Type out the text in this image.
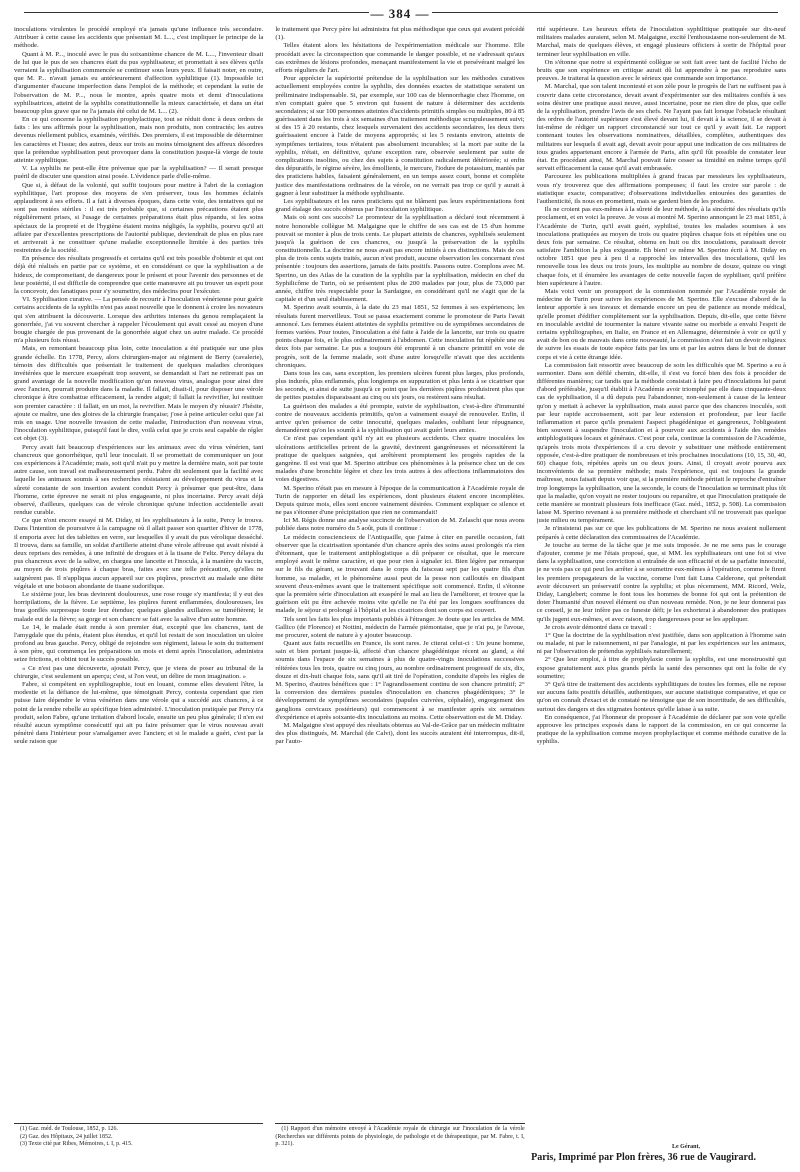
— 384 —

inoculations virulentes le procédé employé n'a jamais qu'une influence très secondaire. Attribuer à cette cause les accidents que présentait M. L..., c'est impliquer le principe de la méthode.

Quant à M. P..., inoculé avec le pus du soixantième chancre de M. L..., l'inventeur disait de lui que le pus de ses chancres était du pus syphilisateur, et promettait à ses élèves qu'ils verraient la syphilisation commencée se continuer sous leurs yeux. Il faisait noter, en outre, que M. P... n'avait jamais eu antérieurement d'affection syphilitique (1). Impossible ici d'argumenter d'aucune imperfection dans l'emploi de la méthode; et cependant la suite de l'observation de M. P..., nous le montre, après quatre mois et demi d'inoculations syphilisatrices, atteint de la syphilis constitutionnelle la mieux caractérisée, et dans un état beaucoup plus grave que ne l'a jamais été celui de M. L... (2).

En ce qui concerne la syphilisation prophylactique, tout se réduit donc à deux ordres de faits : les uns affirmés pour la syphilisation, mais non produits, non contractés; les autres devenus réellement publics, examinés, vérifiés. Des premiers, il est impossible de déterminer les caractères et l'issue; des autres, deux sur trois au moins témoignent des affreux désordres que la prétendue syphilisation peut provoquer dans la constitution jusque-là vierge de toute atteinte syphilitique.

V. La syphilis ne peut-elle être prévenue que par la syphilisation? — Il serait presque puéril de discuter une question ainsi posée. L'évidence parle d'elle-même.

Que si, à défaut de la volonté, qui suffit toujours pour mettre à l'abri de la contagion syphilitique, l'art propose des moyens de s'en préserver, tous les hommes éclairés applaudiront à ses efforts. Il a fait à diverses époques, dans cette voie, des tentatives qui ne sont pas restées stériles : il est très probable que, si certaines précautions étaient plus régulièrement prises, si l'usage de certaines préparations était plus répandu, si les soins spéciaux de la propreté et de l'hygiène étaient moins négligés, la syphilis, pourvu qu'il ait affaire par d'excellentes prescriptions de l'autorité publique, deviendrait de plus en plus rare et arriverait à ne constituer qu'une maladie exceptionnelle limitée à des parties très restreintes de la société.

En présence des résultats progressifs et certains qu'il est très possible d'obtenir et qui ont déjà été réalisés en partie par ce système, et en considérant ce que la syphilisation a de hideux, de compromettant, de dangereux pour le présent et pour l'avenir des personnes et de leur postérité, il est difficile de comprendre que cette manœuvre ait pu trouver un esprit pour la concevoir, des fanatiques pour s'y soumettre, des médecins pour l'exécuter.

VI. Syphilisation curative. — La pensée de recourir à l'inoculation vénérienne pour guérir certains accidents de la syphilis n'est pas aussi nouvelle que le donnent à croire les novateurs qui s'en attribuent la découverte. Lorsque des arthrites intenses du genou remplaçaient la gonorrhée, j'ai vu souvent chercher à rappeler l'écoulement qui avait cessé au moyen d'une bougie chargée de pus provenant de la gonorrhée aiguë chez un autre malade. Ce procédé m'a plusieurs fois réussi.

Mais, en remontant beaucoup plus loin, cette inoculation a été pratiquée sur une plus grande échelle. En 1778, Percy, alors chirurgien-major au régiment de Berry (cavalerie), témoin des difficultés que présentait le traitement de quelques maladies chroniques invétérées que le mercure exaspérait trop souvent, se demandait si l'art ne retirerait pas un grand avantage de la nouvelle modification qu'un nouveau virus, analogue pour ainsi dire avec l'ancien, pourrait produire dans la maladie. Il fallait, disait-il, pour disposer une vérole chronique à être combattue efficacement, la rendre aiguë; il fallait la revivifier, lui restituer son premier caractère : il fallait, en un mot, la revivifier. Mais le moyen d'y réussir? J'hésite, ajoute ce maître, une des gloires de la chirurgie française; j'ose à peine articuler celui que j'ai mis en usage. Une nouvelle invasion de cette maladie, l'introduction d'un nouveau virus, l'inoculation syphilitique, puisqu'il faut le dire, voilà celui que je crois seul capable de régler cet objet (3).

Percy avait fait beaucoup d'expériences sur les animaux avec du virus vénérien, tant chancreux que gonorrhéique, qu'il leur inoculait. Il se promettait de communiquer un jour ces expériences à l'Académie; mais, soit qu'il n'ait pu y mettre la dernière main, soit par toute autre cause, son travail est malheureusement perdu. Fabre dit seulement que la facilité avec laquelle les animaux soumis à ses recherches résistaient au développement du virus et la sûreté constante de son insertion avaient conduit Percy à présumer que peut-être, dans l'homme, cette épreuve ne serait ni plus engageante, ni plus incertaine. Percy avait déjà observé, d'ailleurs, quelques cas de vérole chronique qu'une infection accidentelle avait rendue curable.

Ce que n'ont encore essayé ni M. Diday, ni les syphilisateurs à la suite, Percy le trouva. Dans l'intention de poursuivre à la campagne où il allait passer son quartier d'hiver de 1778, il emporta avec lui des tablettes en verre, sur lesquelles il y avait du pus vérolique desséché. Il trouva, dans sa famille, un soldat d'artillerie atteint d'une vérole affreuse qui avait résisté à deux reprises des remèdes, à une infinité de drogues et à la tisane de Feltz. Percy délaya du pus chancreux avec de la salive, en chargea une lancette et l'inocula, à la manière du vaccin, au moyen de trois piqûres à chaque bras, faites avec une telle précaution, qu'elles ne saignèrent pas. Il n'appliqua aucun appareil sur ces piqûres, prescrivit au malade une diète végétale et une boisson abondante de tisane sudorifique.

Le sixième jour, les bras devinrent douloureux, une rose rouge s'y manifesta; il y eut des horripilations, de la fièvre. Le septième, les piqûres furent enflammées, douloureuses, les bras gonflés surpresque toute leur étendue; quelques glandes axillaires se tuméfièrent; le malade eut de la fièvre; sa gorge et son chancre se fait avec la salive d'un autre homme.

Le 14, le malade était rendu à son premier état, excepté que les chancres, tant de l'amygdale que du pénis, étaient plus étendus, et qu'il lui restait de son inoculation un ulcère profond au bras gauche. Percy, obligé de rejoindre son régiment, laissa le soin du traitement à son père, qui commença les préparations un mois et demi après l'inoculation, administra seize frictions, et obtint tout le succès possible.

« Ce n'est pas une découverte, ajoutait Percy, que je viens de poser au tribunal de la chirurgie, c'est seulement un aperçu; c'est, si l'on veut, un délire de mon imagination. »

Fabre, si compétent en syphiliographie, tout en louant, comme elles devaient l'être, la modestie et la défiance de lui-même, que témoignait Percy, contesta cependant que rien puisse faire dépendre le virus vénérien dans une vérole qui a succédé aux chancres, à ce point de la rendre rebelle au spécifique bien administré. L'inoculation pratiquée par Percy n'a produit, selon Fabre, qu'une irritation d'abord locale, ensuite un peu plus générale; il n'en est résulté aucun symptôme consécutif qui ait pu faire présumer que le virus nouveau avait pénétré dans l'intérieur pour s'amalgamer avec l'ancien; et si le malade a guéri, c'est par la seule raison que

(1) Gaz. méd. de Toulouse, 1852, p. 126.

(2) Gaz. des Hôpitaux, 24 juillet 1852.

(3) Texte cité par Ribes, Mémoires, t. I, p. 415.

le traitement que Percy père lui administra fut plus méthodique que ceux qui avaient précédé (1).

Telles étaient alors les hésitations de l'expérimentation médicale sur l'homme. Elle procédait avec la circonspection que commande le danger possible, et ne s'adressait qu'aux cas extrêmes de lésions profondes, menaçant manifestement la vie et persévérant malgré les efforts réguliers de l'art.

Pour apprécier la supériorité prétendue de la syphilisation sur les méthodes curatives actuellement employées contre la syphilis, des données exactes de statistique seraient un préliminaire indispensable. Si, par exemple, sur 100 cas de blennorrhagie chez l'homme, on n'en comptait guère que 5 environ qui fussent de nature à déterminer des accidents secondaires; si sur 100 personnes atteintes d'accidents primitifs simples ou multiples, 80 à 85 guérissaient dans les trois à six semaines d'un traitement méthodique scrupuleusement suivi; si des 15 à 20 restants, chez lesquels survenaient des accidents secondaires, les deux tiers guérissaient encore à l'aide de moyens appropriés; si les 5 restants environ, atteints de symptômes tertiaires, tous n'étaient pas absolument incurables; si la mort par suite de la syphilis, n'était, en définitive, qu'une exception rare, observée seulement par suite de complications insolites, ou chez des sujets à constitution radicalement détériorée; si enfin des dépuratifs, le régime sévère, les émollients, le mercure, l'iodure de potassium, maniés par des praticiens habiles, faisaient généralement, en un temps assez court, bonne et complète justice des manifestations ordinaires de la vérole, on ne verrait pas trop ce qu'il y aurait à gagner à leur substituer la méthode syphilisante.

Les syphilisateurs et les rares praticiens qui ne blâment pas leurs expérimentations font grand étalage des succès obtenus par l'inoculation syphilitique.

Mais où sont ces succès? Le promoteur de la syphilisation a déclaré tout récemment à notre honorable collègue M. Malgaigne que le chiffre de ses cas est de 15 d'un homme pouvait se monter à plus de trois cents. Le plupart atteints de chancres, syphilisés seulement jusqu'à la guérison de ces chancres, ou jusqu'à la préservation de la syphilis constitutionnelle. La doctrine ne nous avait pas encore initiés à ces distinctions. Mais de ces plus de trois cents sujets traités, aucun n'est produit, aucune observation les concernant n'est présentée : toujours des assertions, jamais de faits positifs. Passons outre. Complons avec M. Sperino, un des Atlas de la curation de la syphilis par la syphilisation, médecin en chef du Syphilicôme de Turin, où se présentent plus de 200 malades par jour, plus de 73,000 par année, chiffre très respectable pour la Sardaigne, en considérant qu'il ne s'agit que de la capitale et d'un seul établissement.

M. Sperino avait soumis, à la date du 23 mai 1851, 52 femmes à ses expériences; les résultats furent merveilleux. Tout se passa exactement comme le promoteur de Paris l'avait annoncé. Les femmes étaient atteintes de syphilis primitive ou de symptômes secondaires de formes variées. Pour toutes, l'inoculation a été faite à l'aide de la lancette, sur trois ou quatre points chaque fois, et le plus ordinairement à l'abdomen. Cette inoculation fut répétée une ou deux fois par semaine. Le pus a toujours été emprunté à un chancre primitif en voie de progrès, soit de la femme malade, soit d'une autre lorsqu'elle n'avait que des accidents chroniques.

Dans tous les cas, sans exception, les premiers ulcères furent plus larges, plus profonds, plus indurés, plus enflammés, plus longtemps en suppuration et plus lents à se cicatriser que les seconds, et ainsi de suite jusqu'à ce point que les dernières piqûres produisirent plus que de petites pustules disparaissant au cinq ou six jours, ou restèrent sans résultat.

La guérison des malades a été prompte, suivie de syphilisation, c'est-à-dire d'immunité contre de nouveaux accidents primitifs, qu'on a vainement essayé de renouveler. Enfin, il arrive qu'en présence de cette innocuité, quelques malades, oubliant leur répugnance, demandèrent qu'on les soumît à la syphilisation qui avait guéri leurs amies.

Ce n'est pas cependant qu'il n'y ait eu plusieurs accidents. Chez quatre inoculées les ulcérations artificielles prirent de la gravité, devinrent gangréneuses et nécessitèrent la pratique de quelques saignées, qui arrêtèrent promptement les progrès rapides de la gangrène. Il est vrai que M. Sperino attribue ces phénomènes à la présence chez un de ces malades d'une bronchite légère et chez les trois autres à des affections inflammatoires des voies digestives.

M. Sperino n'était pas en mesure à l'époque de la communication à l'Académie royale de Turin de rapporter en détail les expériences, dont plusieurs étaient encore incomplètes. Depuis quinze mois, elles sont encore vainement désirées. Comment expliquer ce silence et ne pas s'étonner d'une précipitation que rien ne commandait!

Ici M. Régis donne une analyse succincte de l'observation de M. Zelaschi que nous avons publiée dans notre numéro du 5 août, puis il continue :

Le médecin consciencieux de l'Antiquaille, que j'aime à citer en pareille occasion, fait observer que la cicatrisation spontanée d'un chancre après des soins aussi prolongés n'a rien d'étonnant, que le traitement antiphlogistique a dû préparer ce résultat, que le mercure employé avait le même caractère, et que pour rien à signaler ici. Bien légère par remarque sur le fils du gérant, se trouvant dans le corps du faisceau sept par les quatre fils d'un homme, sa maladie, et le phénomène aussi peut de la pesse non cailloutés en dissipant souvent d'eux-mêmes avant que le traitement spécifique soit commencé. Enfin, il s'étonne que la première série d'inoculation ait exaspéré le mal au lieu de l'améliorer, et trouve que la guérison eût pu être achevée moins vite qu'elle ne l'a été par les longues souffrances du malade, le séjour si prolongé à l'hôpital et les cicatrices dont son corps est couvert.

Tels sont les faits les plus importants publiés à l'étranger. Je doute que les articles de MM. Gallico (de Florence) et Nottini, médecin de l'armée piémontaise, que je n'ai pu, je l'avoue, me procurer, soient de nature à y ajouter beaucoup.

Quant aux faits recueillis en France, ils sont rares. Je citerai celui-ci : Un jeune homme, sain et bien portant jusque-là, affecté d'un chancre phagédénique récent au gland, a été soumis dans l'espace de six semaines à plus de quatre-vingts inoculations successives réitérées tous les trois, quatre ou cinq jours, au nombre ordinairement progressif de six, dix, douze et dix-huit chaque fois, sans qu'il ait tiré de l'opération, conduite d'après les règles de M. Sperino, d'autres bénéfices que : 1° l'agrandissement continu de son chancre primitif; 2° la conversion des dernières pustules d'inoculation en chancres phagédéniques; 3° le développement de symptômes secondaires (papules cuivrées, céphalée), engorgement des ganglions cervicaux postérieurs) qui commencent à se manifester après six semaines d'expérience et après soixante-dix inoculations au moins. Cette observation est de M. Diday.

M. Malgaigne s'est appuyé des résultats obtenus au Val-de-Grâce par un médecin militaire des plus distingués, M. Marchal (de Calvi), dont les succès auraient été interrompus, dit-il, par l'auto-

(1) Rapport d'un mémoire envoyé à l'Académie royale de chirurgie sur l'inoculation de la vérole (Recherches sur différents points de physiologie, de pathologie et de thérapeutique, par M. Fabre, t. I, p. 321).

rité supérieure. Les heureux effets de l'inoculation syphilitique pratiquée sur dix-neuf militaires malades auraient, selon M. Malgaigne, excité l'enthousiasme non-seulement de M. Marchal, mais de quelques élèves, et engagé plusieurs officiers à sortir de l'hôpital pour terminer leur syphilisation en ville.

On s'étonne que notre si expérimenté collègue se soit fait avec tant de facilité l'écho de bruits que son expérience en critique aurait dû lui apprendre à ne pas reproduire sans preuves. Je traiterai la question avec le sérieux que commande son importance.

M. Marchal, que son talent incontesté et son zèle pour le progrès de l'art ne suffisent pas à couvrir dans cette circonstance, devait avant d'expérimenter sur des militaires confiés à ses soins désirer une pratique aussi neuve, aussi incertaine, pour ne rien dire de plus, que celle de la syphilisation, prendre l'avis de ses chefs. Ne l'ayant pas fait lorsque l'obstacle résultant des ordres de l'autorité supérieure s'est élevé devant lui, il devait à la science, il se devait à lui-même de rédiger un rapport circonstancié sur tout ce qu'il y avait fait. Le rapport contenant toutes les observations nominatives, détaillées, complètes, authentiques des militaires sur lesquels il avait agi, devait avoir pour appui une indication de ces militaires de tous grades appartenant encore à l'armée de Paris, afin qu'il fût possible de constater leur état. En procédant ainsi, M. Marchal pouvait faire cesser sa timidité en même temps qu'il servait efficacement la cause qu'il avait embrassée.

Parcourez les publications multipliées à grand fracas par messieurs les syphilisateurs, vous n'y trouverez que des affirmations pompeuses; il faut les croire sur parole : de statistique exacte, comparative; d'observations individuelles entourées des garanties de l'authenticité, ils nous en promettent, mais se gardent bien de les produire.

Ils ne croient pas eux-mêmes à la sûreté de leur méthode, à la sincérité des résultats qu'ils proclament, et en voici la preuve. Je vous ai montré M. Sperino annonçant le 23 mai 1851, à l'Académie de Turin, qu'il avait guéri, syphilisé, toutes les malades soumises à ses inoculations pratiquées au moyen de trois ou quatre piqûres chaque fois et répétées une ou deux fois par semaine. Ce résultat, obtenu en huit ou dix inoculations, paraissait devoir satisfaire l'ambition la plus exigeante. Eh bien! ce même M. Sperino écrit à M. Diday en octobre 1851 que peu à peu il a rapproché les intervalles des inoculations, qu'il les renouvelle tous les deux ou trois jours, les multiplie au nombre de douze, quinze ou vingt chaque fois, et il énumère les avantages de cette nouvelle façon de syphiliser, qu'il préfère bien supérieure à l'autre.

Mais voici venir un prorapport de la commission nommée par l'Académie royale de médecine de Turin pour suivre les expériences de M. Sperino. Elle s'excuse d'abord de la lenteur apportée à ses travaux et demande encore un peu de patience au monde médical, qu'elle promet d'édifier complètement sur la syphilisation. Depuis, dit-elle, que cette fièvre en inoculable avidité de tourmenter la nature vivante saine ou morbide a envahi l'esprit de certains syphiliographes, en Italie, en France et en Allemagne, déterminée à voir ce qu'il y avait de bon ou de mauvais dans cette nouveauté, la commission s'est fait un devoir religieux de suivre les essais de toute espèce faits par les uns et par les autres dans le but de donner corps et vie à cette étrange idée.

La commission fait ressortir avec beaucoup de soin les difficultés que M. Sperino a eu à surmonter. Dans son défilé chemin, dit-elle, il s'est vu forcé bien des fois à procéder de différentes manières; car tandis que la méthode consistait à faire peu d'inoculations lui parut d'abord préférable, jusqu'il établit à l'Académie avoir triomphé par elle dans cinquante-deux cas de syphilisation, il a dû depuis peu l'abandonner, non-seulement à cause de la lenteur qu'on y mettait à achever la syphilisation, mais aussi parce que des chancres inoculés, soit par leur rapide accroissement, soit par leur extension et profondeur, par leur facile inflammation et parce qu'ils prenaient l'aspect phagédénique et gangreneux, l'obligeaient bien souvent à suspendre l'inoculation et à pourvoir aux accidents à l'aide des remèdes antiphlogistiques locaux et généraux. C'est pour cela, continue la commission de l'Académie, qu'après trois mois d'expériences il a cru devoir y substituer une méthode entièrement opposée, c'est-à-dire pratiquer de nombreuses et très prochaines inoculations (10, 15, 30, 40, 60) chaque fois, répétées après un ou deux jours. Ainsi, il croyait avoir pourvu aux inconvénients de sa première méthode; mais l'expérience, qui est toujours la grande maîtresse, nous faisait depuis voir que, si la première méthode péritait le reproche d'entraîner trop longtemps la syphilisation, une la seconde, le cours de l'inoculation se terminait plus tôt que la maladie, qu'on voyait ne rester toujours ou reparaître, et que l'inoculation pratiquée de cette manière se montrait plusieurs fois inefficace (Gaz. méd., 1852, p. 508). La commission laisse M. Sperino revenant à sa première méthode et cherchant s'il ne trouverait pas quelque juste milieu ou tempérament.

Je n'insisterai pas sur ce que les publications de M. Sperino ne nous avaient nullement préparés à cette déclaration des commissaires de l'Académie.

Je touche au terme de la tâche que je me suis imposée. Je ne me sens pas le courage d'ajouter, comme je me l'étais proposé, que, si MM. les syphilisateurs ont une foi si vive dans la syphilisation, une conviction si entraînée de son efficacité et de sa parfaite innocuité, je ne vois pas ce qui peut les arrêter à se soumettre eux-mêmes à l'opération, comme le firent les premiers propagateurs de la vaccine, comme l'ont fait Luna Calderone, qui prétendait avoir découvert un préservatif contre la syphilis; et plus récemment, MM. Ricord, Welz, Diday, Langlebert; comme le font tous les hommes de bonne foi qui ont la prétention de doter l'humanité d'un nouvel élément ou d'un nouveau remède. Non, je ne leur donnerai pas ce conseil, je ne leur infère pas ce funeste défi; je les exhorterai à abandonner des pratiques qu'ils jugent eux-mêmes, et avec raison, trop dangereuses pour se les appliquer.

Je crois avoir démontré dans ce travail :

1° Que la doctrine de la syphilisation n'est justifiée, dans son application à l'homme sain ou malade, ni par le raisonnement, ni par l'analogie, ni par les expériences sur les animaux, ni par l'observation de prétendus syphilisés naturellement;

2° Que leur emploi, à titre de prophylaxie contre la syphilis, est une monstruosité qui expose gratuitement aux plus grands périls la santé des personnes qui ont la folie de s'y soumettre;

3° Qu'à titre de traitement des accidents syphilitiques de toutes les formes, elle ne repose sur aucuns faits positifs détaillés, authentiques, sur aucune statistique comparative, et que ce qu'on en connaît d'exact et de constaté ne témoigne que de son incertitude, de ses difficultés, surtout des dangers et des stigmates honteux qu'elle laisse à sa suite.

En conséquence, j'ai l'honneur de proposer à l'Académie de déclarer par son vote qu'elle approuve les principes exposés dans le rapport de la commission, en ce qui concerne la pratique de la syphilisation comme moyen prophylactique et comme méthode curative de la syphilis.

Le Gérant,
Paris, Imprimé par Plon frères, 36 rue de Vaugirard.
